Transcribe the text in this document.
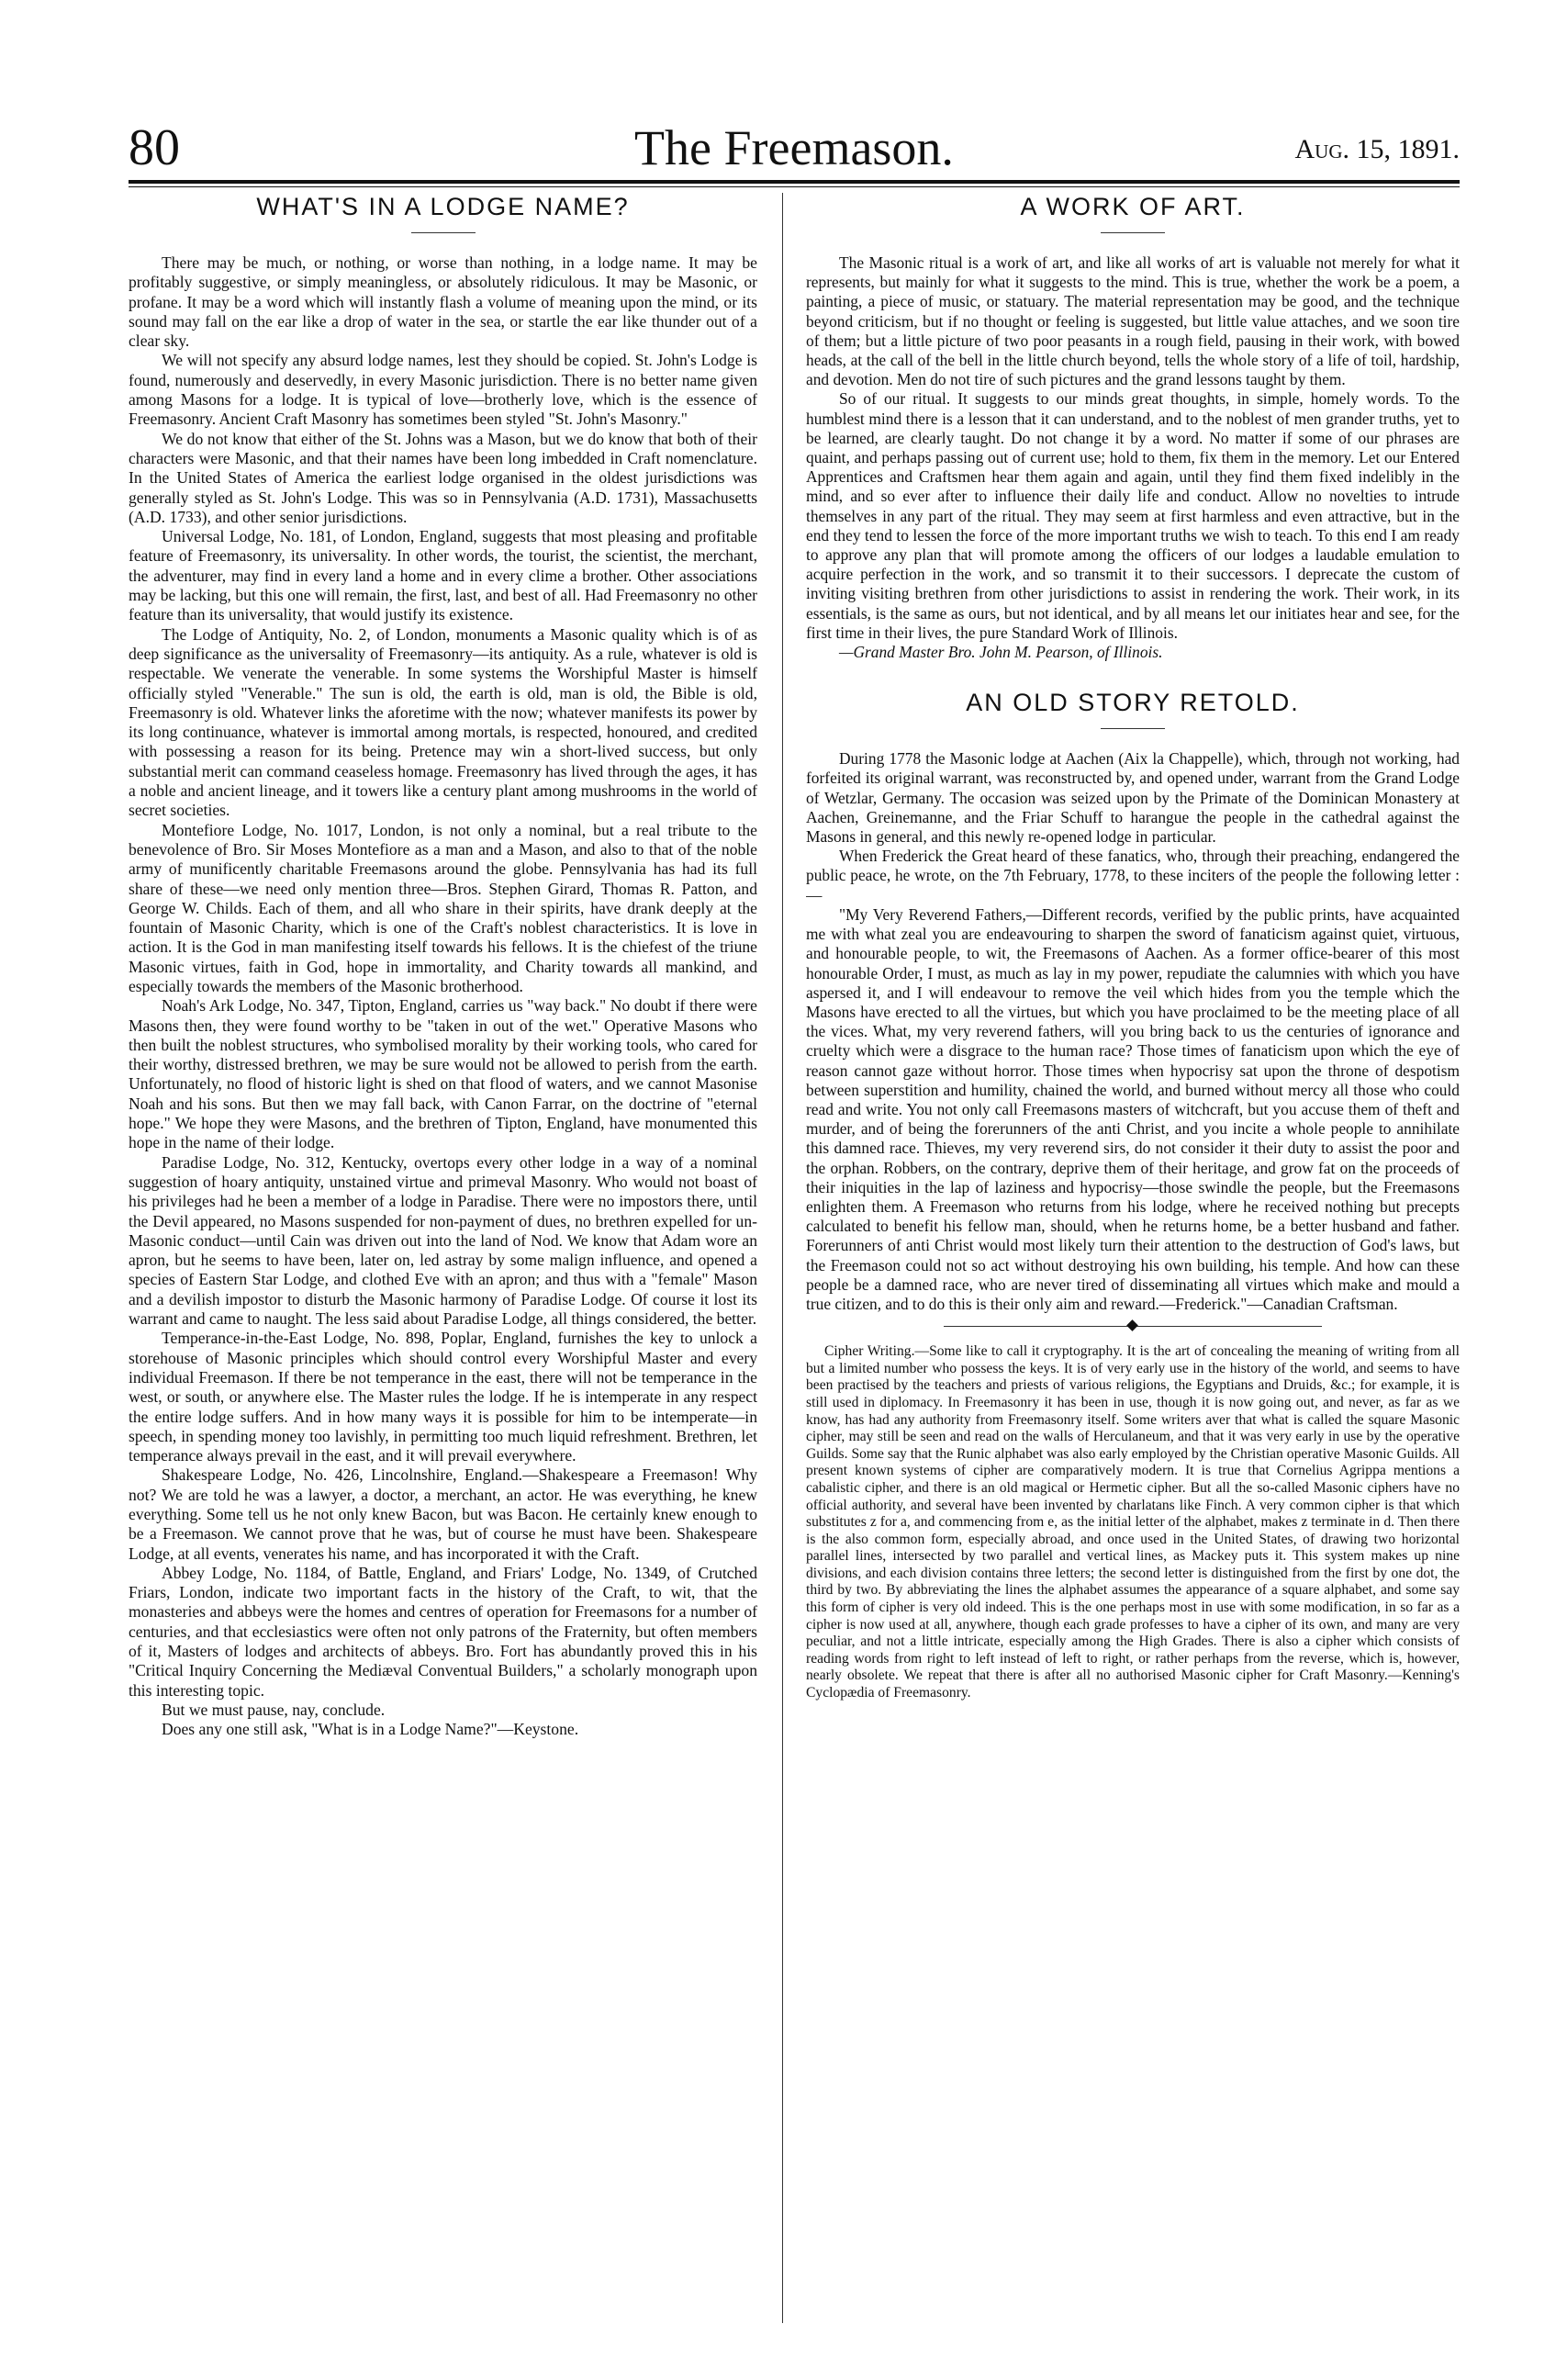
80	The Freemason.	Aug. 15, 1891.
WHAT'S IN A LODGE NAME?

There may be much, or nothing, or worse than nothing, in a lodge name. It may be profitably suggestive, or simply meaningless, or absolutely ridiculous. It may be Masonic, or profane. It may be a word which will instantly flash a volume of meaning upon the mind, or its sound may fall on the ear like a drop of water in the sea, or startle the ear like thunder out of a clear sky.

We will not specify any absurd lodge names, lest they should be copied. St. John's Lodge is found, numerously and deservedly, in every Masonic jurisdiction. There is no better name given among Masons for a lodge. It is typical of love—brotherly love, which is the essence of Freemasonry. Ancient Craft Masonry has sometimes been styled "St. John's Masonry."

We do not know that either of the St. Johns was a Mason, but we do know that both of their characters were Masonic, and that their names have been long imbedded in Craft nomenclature. In the United States of America the earliest lodge organised in the oldest jurisdictions was generally styled as St. John's Lodge. This was so in Pennsylvania (A.D. 1731), Massachusetts (A.D. 1733), and other senior jurisdictions.

Universal Lodge, No. 181, of London, England, suggests that most pleasing and profitable feature of Freemasonry, its universality. In other words, the tourist, the scientist, the merchant, the adventurer, may find in every land a home and in every clime a brother. Other associations may be lacking, but this one will remain, the first, last, and best of all. Had Freemasonry no other feature than its universality, that would justify its existence.

The Lodge of Antiquity, No. 2, of London, monuments a Masonic quality which is of as deep significance as the universality of Freemasonry—its antiquity. As a rule, whatever is old is respectable. We venerate the venerable. In some systems the Worshipful Master is himself officially styled "Venerable." The sun is old, the earth is old, man is old, the Bible is old, Freemasonry is old. Whatever links the aforetime with the now; whatever manifests its power by its long continuance, whatever is immortal among mortals, is respected, honoured, and credited with possessing a reason for its being. Pretence may win a short-lived success, but only substantial merit can command ceaseless homage. Freemasonry has lived through the ages, it has a noble and ancient lineage, and it towers like a century plant among mushrooms in the world of secret societies.

Montefiore Lodge, No. 1017, London, is not only a nominal, but a real tribute to the benevolence of Bro. Sir Moses Montefiore as a man and a Mason, and also to that of the noble army of munificently charitable Freemasons around the globe. Pennsylvania has had its full share of these—we need only mention three—Bros. Stephen Girard, Thomas R. Patton, and George W. Childs. Each of them, and all who share in their spirits, have drank deeply at the fountain of Masonic Charity, which is one of the Craft's noblest characteristics. It is love in action. It is the God in man manifesting itself towards his fellows. It is the chiefest of the triune Masonic virtues, faith in God, hope in immortality, and Charity towards all mankind, and especially towards the members of the Masonic brotherhood.

Noah's Ark Lodge, No. 347, Tipton, England, carries us "way back." No doubt if there were Masons then, they were found worthy to be "taken in out of the wet." Operative Masons who then built the noblest structures, who symbolised morality by their working tools, who cared for their worthy, distressed brethren, we may be sure would not be allowed to perish from the earth. Unfortunately, no flood of historic light is shed on that flood of waters, and we cannot Masonise Noah and his sons. But then we may fall back, with Canon Farrar, on the doctrine of "eternal hope." We hope they were Masons, and the brethren of Tipton, England, have monumented this hope in the name of their lodge.

Paradise Lodge, No. 312, Kentucky, overtops every other lodge in a way of a nominal suggestion of hoary antiquity, unstained virtue and primeval Masonry. Who would not boast of his privileges had he been a member of a lodge in Paradise. There were no impostors there, until the Devil appeared, no Masons suspended for non-payment of dues, no brethren expelled for un-Masonic conduct—until Cain was driven out into the land of Nod. We know that Adam wore an apron, but he seems to have been, later on, led astray by some malign influence, and opened a species of Eastern Star Lodge, and clothed Eve with an apron; and thus with a "female" Mason and a devilish impostor to disturb the Masonic harmony of Paradise Lodge. Of course it lost its warrant and came to naught. The less said about Paradise Lodge, all things considered, the better.

Temperance-in-the-East Lodge, No. 898, Poplar, England, furnishes the key to unlock a storehouse of Masonic principles which should control every Worshipful Master and every individual Freemason. If there be not temperance in the east, there will not be temperance in the west, or south, or anywhere else. The Master rules the lodge. If he is intemperate in any respect the entire lodge suffers. And in how many ways it is possible for him to be intemperate—in speech, in spending money too lavishly, in permitting too much liquid refreshment. Brethren, let temperance always prevail in the east, and it will prevail everywhere.

Shakespeare Lodge, No. 426, Lincolnshire, England.—Shakespeare a Freemason! Why not? We are told he was a lawyer, a doctor, a merchant, an actor. He was everything, he knew everything. Some tell us he not only knew Bacon, but was Bacon. He certainly knew enough to be a Freemason. We cannot prove that he was, but of course he must have been. Shakespeare Lodge, at all events, venerates his name, and has incorporated it with the Craft.

Abbey Lodge, No. 1184, of Battle, England, and Friars' Lodge, No. 1349, of Crutched Friars, London, indicate two important facts in the history of the Craft, to wit, that the monasteries and abbeys were the homes and centres of operation for Freemasons for a number of centuries, and that ecclesiastics were often not only patrons of the Fraternity, but often members of it, Masters of lodges and architects of abbeys. Bro. Fort has abundantly proved this in his "Critical Inquiry Concerning the Mediæval Conventual Builders," a scholarly monograph upon this interesting topic.

But we must pause, nay, conclude.

Does any one still ask, "What is in a Lodge Name?"—Keystone.

A WORK OF ART.

The Masonic ritual is a work of art, and like all works of art is valuable not merely for what it represents, but mainly for what it suggests to the mind. This is true, whether the work be a poem, a painting, a piece of music, or statuary. The material representation may be good, and the technique beyond criticism, but if no thought or feeling is suggested, but little value attaches, and we soon tire of them; but a little picture of two poor peasants in a rough field, pausing in their work, with bowed heads, at the call of the bell in the little church beyond, tells the whole story of a life of toil, hardship, and devotion. Men do not tire of such pictures and the grand lessons taught by them.

So of our ritual. It suggests to our minds great thoughts, in simple, homely words. To the humblest mind there is a lesson that it can understand, and to the noblest of men grander truths, yet to be learned, are clearly taught. Do not change it by a word. No matter if some of our phrases are quaint, and perhaps passing out of current use; hold to them, fix them in the memory. Let our Entered Apprentices and Craftsmen hear them again and again, until they find them fixed indelibly in the mind, and so ever after to influence their daily life and conduct. Allow no novelties to intrude themselves in any part of the ritual. They may seem at first harmless and even attractive, but in the end they tend to lessen the force of the more important truths we wish to teach. To this end I am ready to approve any plan that will promote among the officers of our lodges a laudable emulation to acquire perfection in the work, and so transmit it to their successors. I deprecate the custom of inviting visiting brethren from other jurisdictions to assist in rendering the work. Their work, in its essentials, is the same as ours, but not identical, and by all means let our initiates hear and see, for the first time in their lives, the pure Standard Work of Illinois.

—Grand Master Bro. John M. Pearson, of Illinois.

AN OLD STORY RETOLD.

During 1778 the Masonic lodge at Aachen (Aix la Chappelle), which, through not working, had forfeited its original warrant, was reconstructed by, and opened under, warrant from the Grand Lodge of Wetzlar, Germany. The occasion was seized upon by the Primate of the Dominican Monastery at Aachen, Greinemanne, and the Friar Schuff to harangue the people in the cathedral against the Masons in general, and this newly re-opened lodge in particular.

When Frederick the Great heard of these fanatics, who, through their preaching, endangered the public peace, he wrote, on the 7th February, 1778, to these inciters of the people the following letter :—

"My Very Reverend Fathers,—Different records, verified by the public prints, have acquainted me with what zeal you are endeavouring to sharpen the sword of fanaticism against quiet, virtuous, and honourable people, to wit, the Freemasons of Aachen. As a former office-bearer of this most honourable Order, I must, as much as lay in my power, repudiate the calumnies with which you have aspersed it, and I will endeavour to remove the veil which hides from you the temple which the Masons have erected to all the virtues, but which you have proclaimed to be the meeting place of all the vices. What, my very reverend fathers, will you bring back to us the centuries of ignorance and cruelty which were a disgrace to the human race? Those times of fanaticism upon which the eye of reason cannot gaze without horror. Those times when hypocrisy sat upon the throne of despotism between superstition and humility, chained the world, and burned without mercy all those who could read and write. You not only call Freemasons masters of witchcraft, but you accuse them of theft and murder, and of being the forerunners of the anti Christ, and you incite a whole people to annihilate this damned race. Thieves, my very reverend sirs, do not consider it their duty to assist the poor and the orphan. Robbers, on the contrary, deprive them of their heritage, and grow fat on the proceeds of their iniquities in the lap of laziness and hypocrisy—those swindle the people, but the Freemasons enlighten them. A Freemason who returns from his lodge, where he received nothing but precepts calculated to benefit his fellow man, should, when he returns home, be a better husband and father. Forerunners of anti Christ would most likely turn their attention to the destruction of God's laws, but the Freemason could not so act without destroying his own building, his temple. And how can these people be a damned race, who are never tired of disseminating all virtues which make and mould a true citizen, and to do this is their only aim and reward.—Frederick."—Canadian Craftsman.

Cipher Writing.—Some like to call it cryptography. It is the art of concealing the meaning of writing from all but a limited number who possess the keys. It is of very early use in the history of the world, and seems to have been practised by the teachers and priests of various religions, the Egyptians and Druids, &c.; for example, it is still used in diplomacy. In Freemasonry it has been in use, though it is now going out, and never, as far as we know, has had any authority from Freemasonry itself. Some writers aver that what is called the square Masonic cipher, may still be seen and read on the walls of Herculaneum, and that it was very early in use by the operative Guilds. Some say that the Runic alphabet was also early employed by the Christian operative Masonic Guilds. All present known systems of cipher are comparatively modern. It is true that Cornelius Agrippa mentions a cabalistic cipher, and there is an old magical or Hermetic cipher. But all the so-called Masonic ciphers have no official authority, and several have been invented by charlatans like Finch. A very common cipher is that which substitutes z for a, and commencing from e, as the initial letter of the alphabet, makes z terminate in d. Then there is the also common form, especially abroad, and once used in the United States, of drawing two horizontal parallel lines, intersected by two parallel and vertical lines, as Mackey puts it. This system makes up nine divisions, and each division contains three letters; the second letter is distinguished from the first by one dot, the third by two. By abbreviating the lines the alphabet assumes the appearance of a square alphabet, and some say this form of cipher is very old indeed. This is the one perhaps most in use with some modification, in so far as a cipher is now used at all, anywhere, though each grade professes to have a cipher of its own, and many are very peculiar, and not a little intricate, especially among the High Grades. There is also a cipher which consists of reading words from right to left instead of left to right, or rather perhaps from the reverse, which is, however, nearly obsolete. We repeat that there is after all no authorised Masonic cipher for Craft Masonry.—Kenning's Cyclopædia of Freemasonry.
